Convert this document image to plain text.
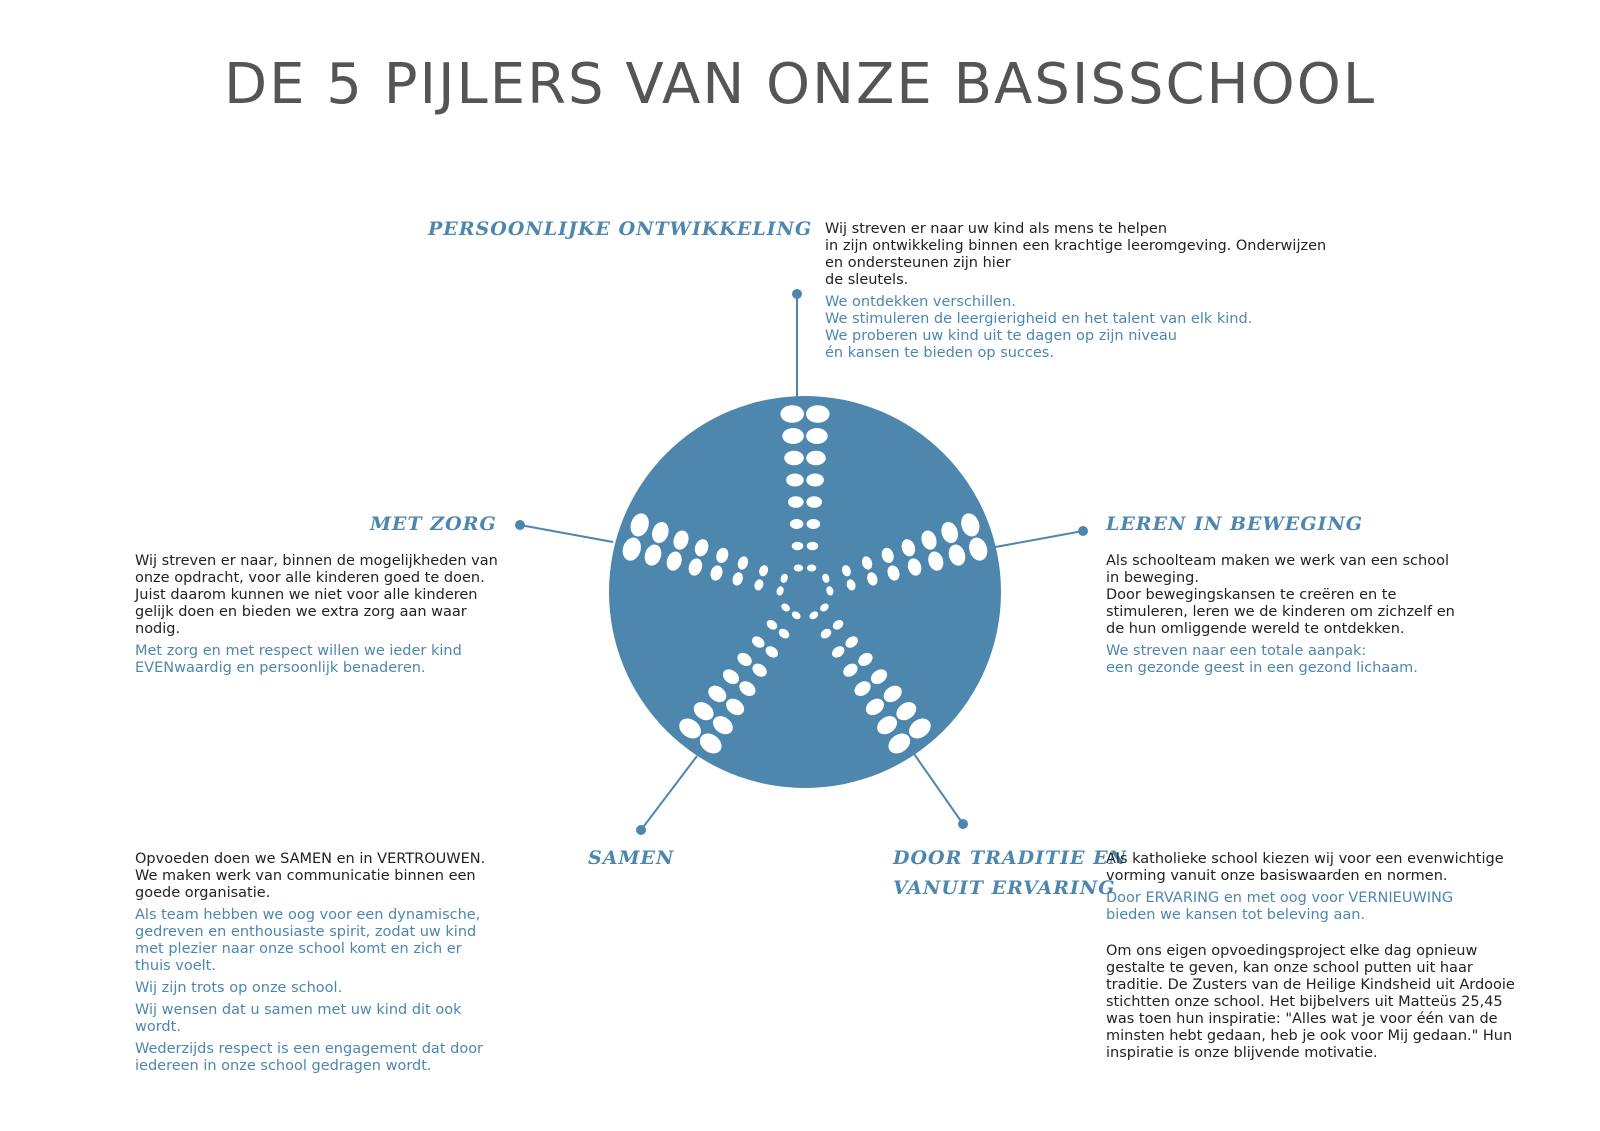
DE 5 PIJLERS VAN ONZE BASISSCHOOL
PERSOONLIJKE ONTWIKKELING Wij streven er naar uw kind als mens te helpen
in zijn ontwikkeling binnen een krachtige leeromgeving. Onderwijzen
en ondersteunen zijn hier
de sleutels.

We ontdekken verschillen.
We stimuleren de leergierigheid en het talent van elk kind.
We proberen uw kind uit te dagen op zijn niveau
én kansen te bieden op succes.

MET ZORG

Wij streven er naar, binnen de mogelijkheden van
onze opdracht, voor alle kinderen goed te doen.
Juist daarom kunnen we niet voor alle kinderen
gelijk doen en bieden we extra zorg aan waar
nodig.

Met zorg en met respect willen we ieder kind
EVENwaardig en persoonlijk benaderen.

LEREN IN BEWEGING

Als schoolteam maken we werk van een school
in beweging.
Door bewegingskansen te creëren en te
stimuleren, leren we de kinderen om zichzelf en
de hun omliggende wereld te ontdekken.

We streven naar een totale aanpak:
een gezonde geest in een gezond lichaam.

SAMEN

Opvoeden doen we SAMEN en in VERTROUWEN.
We maken werk van communicatie binnen een
goede organisatie.

Als team hebben we oog voor een dynamische,
gedreven en enthousiaste spirit, zodat uw kind
met plezier naar onze school komt en zich er
thuis voelt.

Wij zijn trots op onze school.

Wij wensen dat u samen met uw kind dit ook
wordt.

Wederzijds respect is een engagement dat door
iedereen in onze school gedragen wordt.

DOOR TRADITIE EN
VANUIT ERVARING

Als katholieke school kiezen wij voor een evenwichtige
vorming vanuit onze basiswaarden en normen.

Door ERVARING en met oog voor VERNIEUWING
bieden we kansen tot beleving aan.

Om ons eigen opvoedingsproject elke dag opnieuw
gestalte te geven, kan onze school putten uit haar
traditie. De Zusters van de Heilige Kindsheid uit Ardooie
stichtten onze school. Het bijbelvers uit Matteüs 25,45
was toen hun inspiratie: "Alles wat je voor één van de
minsten hebt gedaan, heb je ook voor Mij gedaan." Hun
inspiratie is onze blijvende motivatie.
